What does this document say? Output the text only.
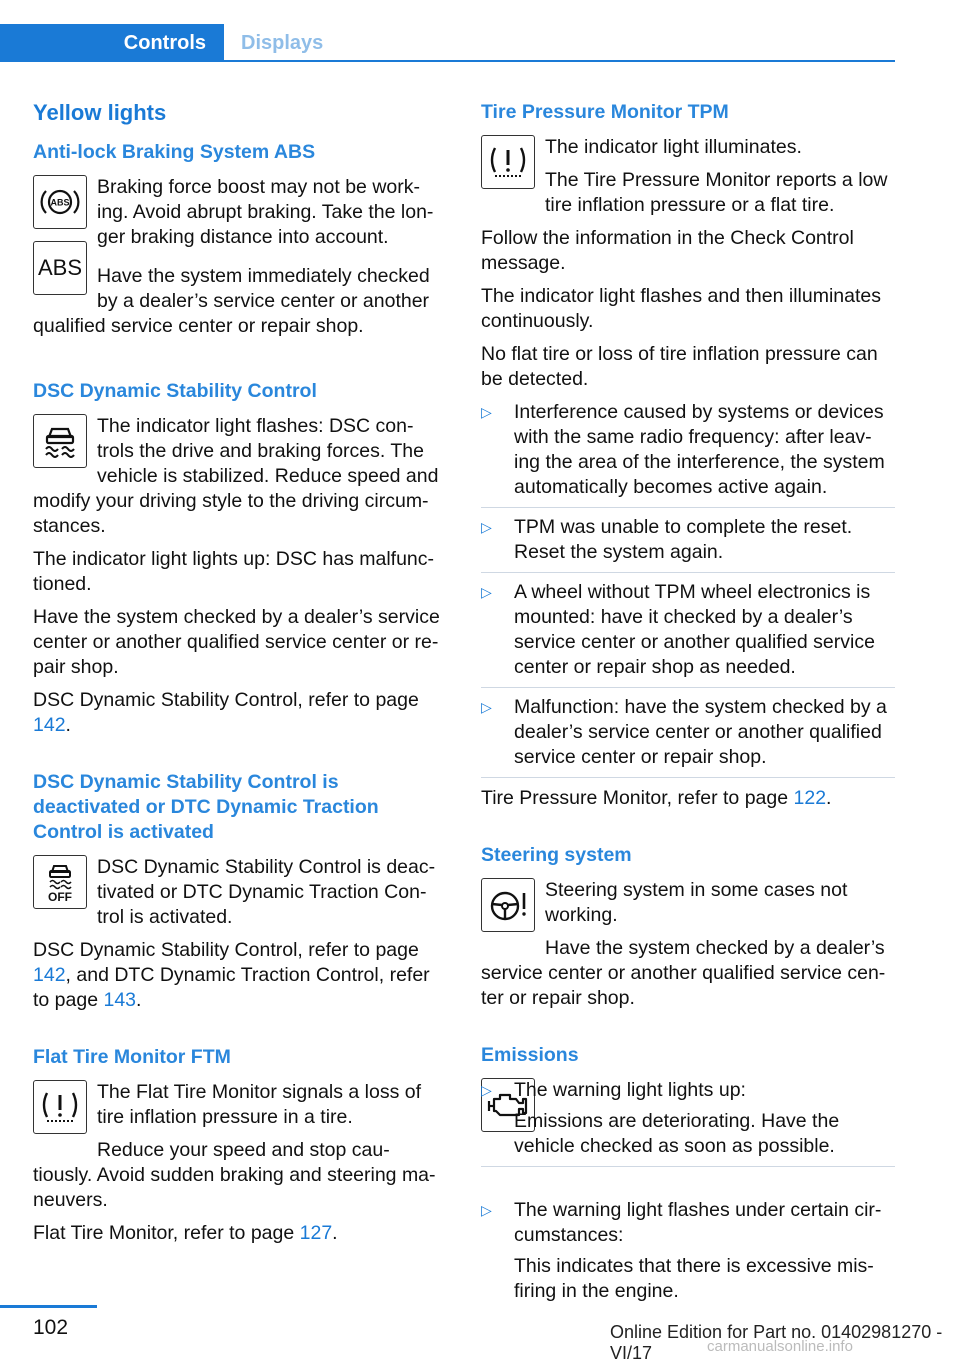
Controls	Displays
Yellow lights
Anti-lock Braking System ABS
ABS
ABS

Braking force boost may not be work-ing. Avoid abrupt braking. Take the lon-ger braking distance into account.

Have the system immediately checked by a dealer’s service center or another qualified service center or repair shop.

DSC Dynamic Stability Control

The indicator light flashes: DSC con-trols the drive and braking forces. The vehicle is stabilized. Reduce speed and modify your driving style to the driving circum-stances.

The indicator light lights up: DSC has malfunc-tioned.

Have the system checked by a dealer’s service center or another qualified service center or re-pair shop.

DSC Dynamic Stability Control, refer to page 142.

DSC Dynamic Stability Control is deactivated or DTC Dynamic Traction Control is activated
OFF

DSC Dynamic Stability Control is deac-tivated or DTC Dynamic Traction Con-trol is activated.

DSC Dynamic Stability Control, refer to page 142, and DTC Dynamic Traction Control, refer to page 143.

Flat Tire Monitor FTM

The Flat Tire Monitor signals a loss of tire inflation pressure in a tire.

Reduce your speed and stop cau-tiously. Avoid sudden braking and steering ma-neuvers.

Flat Tire Monitor, refer to page 127.

Tire Pressure Monitor TPM

The indicator light illuminates.

The Tire Pressure Monitor reports a low tire inflation pressure or a flat tire.

Follow the information in the Check Control message.

The indicator light flashes and then illuminates continuously.

No flat tire or loss of tire inflation pressure can be detected.

▷ Interference caused by systems or devices with the same radio frequency: after leav-ing the area of the interference, the system automatically becomes active again.
▷ TPM was unable to complete the reset. Reset the system again.
▷ A wheel without TPM wheel electronics is mounted: have it checked by a dealer’s service center or another qualified service center or repair shop as needed.
▷ Malfunction: have the system checked by a dealer’s service center or another qualified service center or repair shop.

Tire Pressure Monitor, refer to page 122.

Steering system

Steering system in some cases not working.

Have the system checked by a dealer’s service center or another qualified service cen-ter or repair shop.

Emissions
▷ The warning light lights up:

Emissions are deteriorating. Have the vehicle checked as soon as possible.

▷ The warning light flashes under certain cir-cumstances:

This indicates that there is excessive mis-firing in the engine.

102	Online Edition for Part no. 01402981270 - VI/17	carmanualsonline.info
